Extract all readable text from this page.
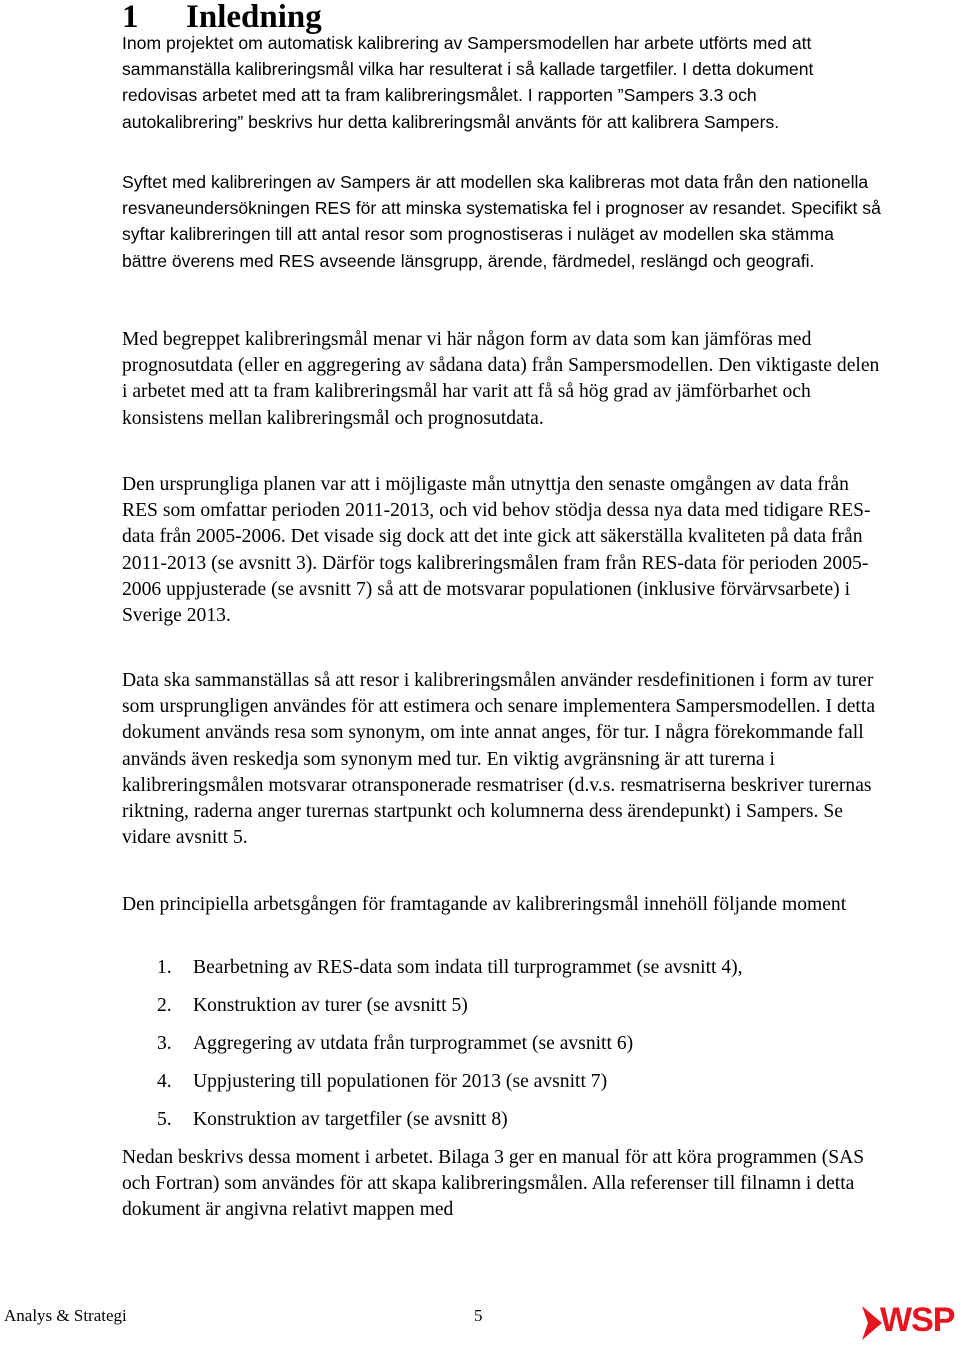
1 Inledning

Inom projektet om automatisk kalibrering av Sampersmodellen har arbete utförts med att sammanställa kalibreringsmål vilka har resulterat i så kallade targetfiler. I detta dokument redovisas arbetet med att ta fram kalibreringsmålet. I rapporten ”Sampers 3.3 och autokalibrering” beskrivs hur detta kalibreringsmål använts för att kalibrera Sampers.

Syftet med kalibreringen av Sampers är att modellen ska kalibreras mot data från den nationella resvaneundersökningen RES för att minska systematiska fel i prognoser av resandet. Specifikt så syftar kalibreringen till att antal resor som prognostiseras i nuläget av modellen ska stämma bättre överens med RES avseende länsgrupp, ärende, färdmedel, reslängd och geografi.

Med begreppet kalibreringsmål menar vi här någon form av data som kan jämföras med prognosutdata (eller en aggregering av sådana data) från Sampersmodellen. Den viktigaste delen i arbetet med att ta fram kalibreringsmål har varit att få så hög grad av jämförbarhet och konsistens mellan kalibreringsmål och prognosutdata.

Den ursprungliga planen var att i möjligaste mån utnyttja den senaste omgången av data från RES som omfattar perioden 2011-2013, och vid behov stödja dessa nya data med tidigare RES-data från 2005-2006. Det visade sig dock att det inte gick att säkerställa kvaliteten på data från 2011-2013 (se avsnitt 3). Därför togs kalibreringsmålen fram från RES-data för perioden 2005-2006 uppjusterade (se avsnitt 7) så att de motsvarar populationen (inklusive förvärvsarbete) i Sverige 2013.

Data ska sammanställas så att resor i kalibreringsmålen använder resdefinitionen i form av turer som ursprungligen användes för att estimera och senare implementera Sampersmodellen. I detta dokument används resa som synonym, om inte annat anges, för tur. I några förekommande fall används även reskedja som synonym med tur. En viktig avgränsning är att turerna i kalibreringsmålen motsvarar otransponerade resmatriser (d.v.s. resmatriserna beskriver turernas riktning, raderna anger turernas startpunkt och kolumnerna dess ärendepunkt) i Sampers. Se vidare avsnitt 5.

Den principiella arbetsgången för framtagande av kalibreringsmål innehöll följande moment

1. Bearbetning av RES-data som indata till turprogrammet (se avsnitt 4),
2. Konstruktion av turer (se avsnitt 5)
3. Aggregering av utdata från turprogrammet (se avsnitt 6)
4. Uppjustering till populationen för 2013 (se avsnitt 7)
5. Konstruktion av targetfiler (se avsnitt 8)

Nedan beskrivs dessa moment i arbetet. Bilaga 3 ger en manual för att köra programmen (SAS och Fortran) som användes för att skapa kalibreringsmålen. Alla referenser till filnamn i detta dokument är angivna relativt mappen med

Analys & Strategi	5	WSP
